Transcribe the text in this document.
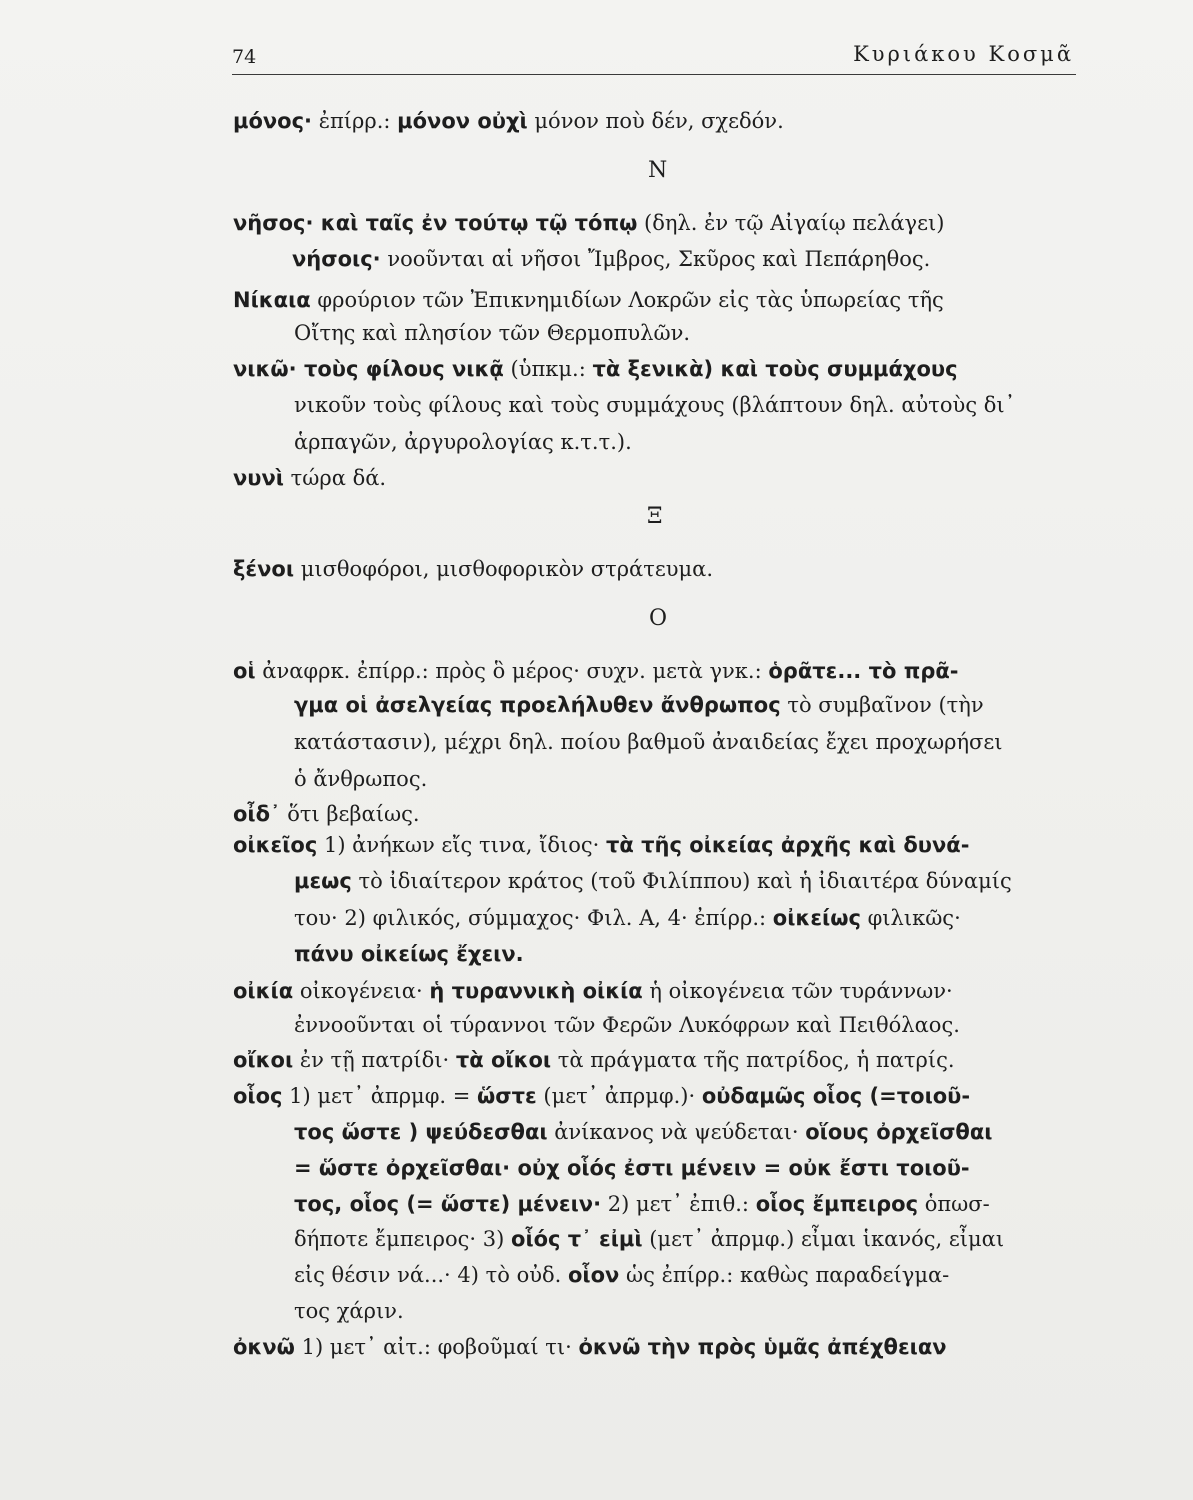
74	Κυριάκου Κοσμᾶ
Ν
Ξ
Ο
μόνος· ἐπίρρ.: μόνον οὐχὶ μόνον ποὺ δέν, σχεδόν.
νῆσος· καὶ ταῖς ἐν τούτῳ τῷ τόπῳ (δηλ. ἐν τῷ Αἰγαίῳ πελάγει)
νήσοις· νοοῦνται αἱ νῆσοι Ἴμβρος, Σκῦρος καὶ Πεπάρηθος.
Νίκαια φρούριον τῶν Ἐπικνημιδίων Λοκρῶν εἰς τὰς ὑπωρείας τῆς
Οἴτης καὶ πλησίον τῶν Θερμοπυλῶν.
νικῶ· τοὺς φίλους νικᾷ (ὑπκμ.: τὰ ξενικὰ) καὶ τοὺς συμμάχους
νικοῦν τοὺς φίλους καὶ τοὺς συμμάχους (βλάπτουν δηλ. αὐτοὺς δι᾽
ἁρπαγῶν, ἀργυρολογίας κ.τ.τ.).
νυνὶ τώρα δά.
ξένοι μισθοφόροι, μισθοφορικὸν στράτευμα.
οἱ ἀναφρκ. ἐπίρρ.: πρὸς ὃ μέρος· συχν. μετὰ γνκ.: ὁρᾶτε... τὸ πρᾶ-
γμα οἱ ἀσελγείας προελήλυθεν ἄνθρωπος τὸ συμβαῖνον (τὴν
κατάστασιν), μέχρι δηλ. ποίου βαθμοῦ ἀναιδείας ἔχει προχωρήσει
ὁ ἄνθρωπος.
οἶδ᾽ ὅτι βεβαίως.
οἰκεῖος 1) ἀνήκων εἴς τινα, ἴδιος· τὰ τῆς οἰκείας ἀρχῆς καὶ δυνά-
μεως τὸ ἰδιαίτερον κράτος (τοῦ Φιλίππου) καὶ ἡ ἰδιαιτέρα δύναμίς
του· 2) φιλικός, σύμμαχος· Φιλ. Α, 4· ἐπίρρ.: οἰκείως φιλικῶς·
πάνυ οἰκείως ἔχειν.
οἰκία οἰκογένεια· ἡ τυραννικὴ οἰκία ἡ οἰκογένεια τῶν τυράννων·
ἐννοοῦνται οἱ τύραννοι τῶν Φερῶν Λυκόφρων καὶ Πειθόλαος.
οἴκοι ἐν τῇ πατρίδι· τὰ οἴκοι τὰ πράγματα τῆς πατρίδος, ἡ πατρίς.
οἷος 1) μετ᾽ ἀπρμφ. = ὥστε (μετ᾽ ἀπρμφ.)· οὐδαμῶς οἷος (=τοιοῦ-
τος ὥστε ) ψεύδεσθαι ἀνίκανος νὰ ψεύδεται· οἵους ὀρχεῖσθαι
= ὥστε ὀρχεῖσθαι· οὐχ οἷός ἐστι μένειν = οὐκ ἔστι τοιοῦ-
τος, οἷος (= ὥστε) μένειν· 2) μετ᾽ ἐπιθ.: οἷος ἔμπειρος ὁπωσ-
δήποτε ἔμπειρος· 3) οἷός τ᾽ εἰμὶ (μετ᾽ ἀπρμφ.) εἶμαι ἱκανός, εἶμαι
εἰς θέσιν νά...· 4) τὸ οὐδ. οἷον ὡς ἐπίρρ.: καθὼς παραδείγμα-
τος χάριν.
ὀκνῶ 1) μετ᾽ αἰτ.: φοβοῦμαί τι· ὀκνῶ τὴν πρὸς ὑμᾶς ἀπέχθειαν
